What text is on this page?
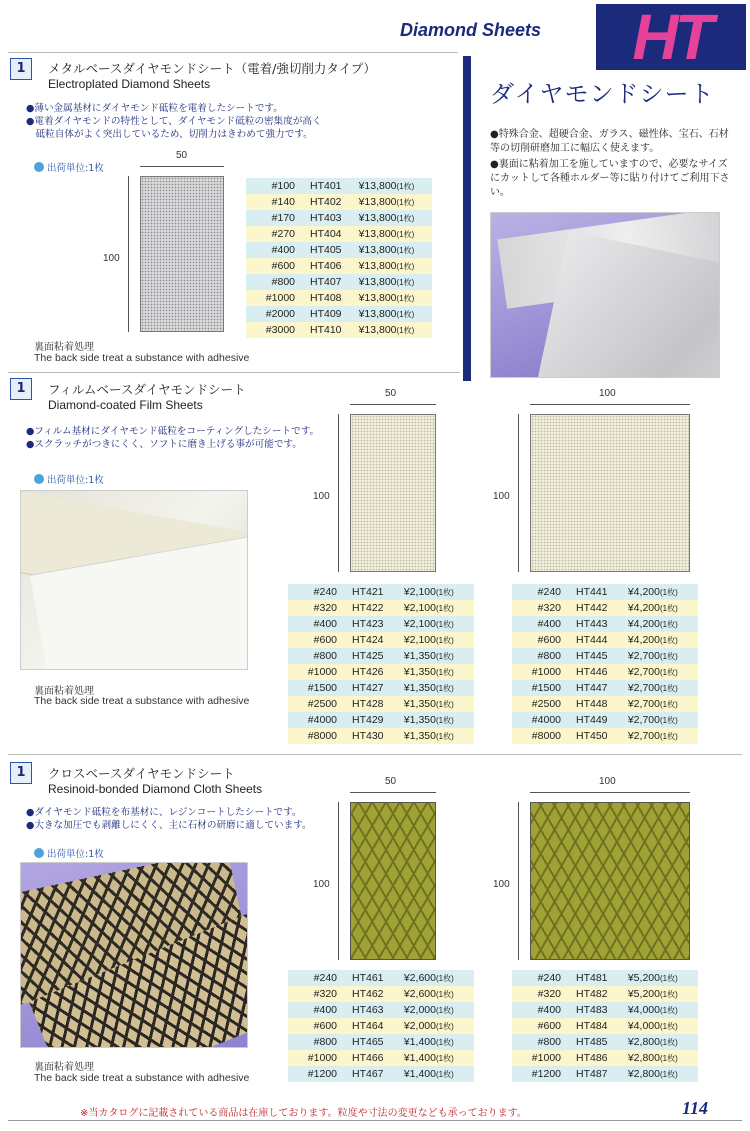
Diamond Sheets	HT
ダイヤモンドシート

●特殊合金、超硬合金、ガラス、磁性体、宝石、石材等の切削研磨加工に幅広く使えます。

●裏面に粘着加工を施していますので、必要なサイズにカットして各種ホルダー等に貼り付けてご利用下さい。

1	メタルベースダイヤモンドシート（電着/強切削力タイプ）
Electroplated Diamond Sheets
●薄い金属基材にダイヤモンド砥粒を電着したシートです。
●電着ダイヤモンドの特性として、ダイヤモンド砥粒の密集度が高く
　砥粒自体がよく突出しているため、切削力はきわめて強力です。
出荷単位:1枚
50
100
#100	HT401	¥13,800(1枚)
#140	HT402	¥13,800(1枚)
#170	HT403	¥13,800(1枚)
#270	HT404	¥13,800(1枚)
#400	HT405	¥13,800(1枚)
#600	HT406	¥13,800(1枚)
#800	HT407	¥13,800(1枚)
#1000	HT408	¥13,800(1枚)
#2000	HT409	¥13,800(1枚)
#3000	HT410	¥13,800(1枚)
裏面粘着処理
The back side treat a substance with adhesive
1	フィルムベースダイヤモンドシート
Diamond-coated Film Sheets
●フィルム基材にダイヤモンド砥粒をコーティングしたシートです。
●スクラッチがつきにくく、ソフトに磨き上げる事が可能です。
出荷単位:1枚
裏面粘着処理
The back side treat a substance with adhesive
50
100
100
100
#240	HT421	¥2,100(1枚)
#320	HT422	¥2,100(1枚)
#400	HT423	¥2,100(1枚)
#600	HT424	¥2,100(1枚)
#800	HT425	¥1,350(1枚)
#1000	HT426	¥1,350(1枚)
#1500	HT427	¥1,350(1枚)
#2500	HT428	¥1,350(1枚)
#4000	HT429	¥1,350(1枚)
#8000	HT430	¥1,350(1枚)
#240	HT441	¥4,200(1枚)
#320	HT442	¥4,200(1枚)
#400	HT443	¥4,200(1枚)
#600	HT444	¥4,200(1枚)
#800	HT445	¥2,700(1枚)
#1000	HT446	¥2,700(1枚)
#1500	HT447	¥2,700(1枚)
#2500	HT448	¥2,700(1枚)
#4000	HT449	¥2,700(1枚)
#8000	HT450	¥2,700(1枚)
1	クロスベースダイヤモンドシート
Resinoid-bonded Diamond Cloth Sheets
●ダイヤモンド砥粒を布基材に、レジンコートしたシートです。
●大きな加圧でも剥離しにくく、主に石材の研磨に適しています。
出荷単位:1枚
裏面粘着処理
The back side treat a substance with adhesive
50
100
100
100
#240	HT461	¥2,600(1枚)
#320	HT462	¥2,600(1枚)
#400	HT463	¥2,000(1枚)
#600	HT464	¥2,000(1枚)
#800	HT465	¥1,400(1枚)
#1000	HT466	¥1,400(1枚)
#1200	HT467	¥1,400(1枚)
#240	HT481	¥5,200(1枚)
#320	HT482	¥5,200(1枚)
#400	HT483	¥4,000(1枚)
#600	HT484	¥4,000(1枚)
#800	HT485	¥2,800(1枚)
#1000	HT486	¥2,800(1枚)
#1200	HT487	¥2,800(1枚)
※当カタログに記載されている商品は在庫しております。粒度や寸法の変更なども承っております。	114
